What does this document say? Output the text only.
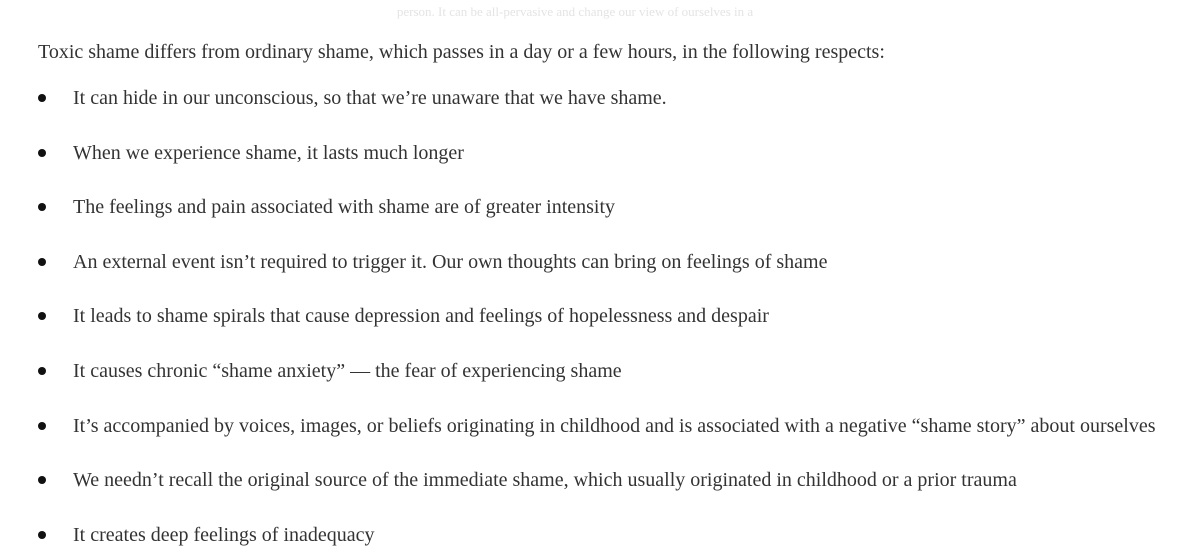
person. It can be all-pervasive and change our view of ourselves in a
Toxic shame differs from ordinary shame, which passes in a day or a few hours, in the following respects:
It can hide in our unconscious, so that we’re unaware that we have shame.
When we experience shame, it lasts much longer
The feelings and pain associated with shame are of greater intensity
An external event isn’t required to trigger it. Our own thoughts can bring on feelings of shame
It leads to shame spirals that cause depression and feelings of hopelessness and despair
It causes chronic “shame anxiety” — the fear of experiencing shame
It’s accompanied by voices, images, or beliefs originating in childhood and is associated with a negative “shame story” about ourselves
We needn’t recall the original source of the immediate shame, which usually originated in childhood or a prior trauma
It creates deep feelings of inadequacy
